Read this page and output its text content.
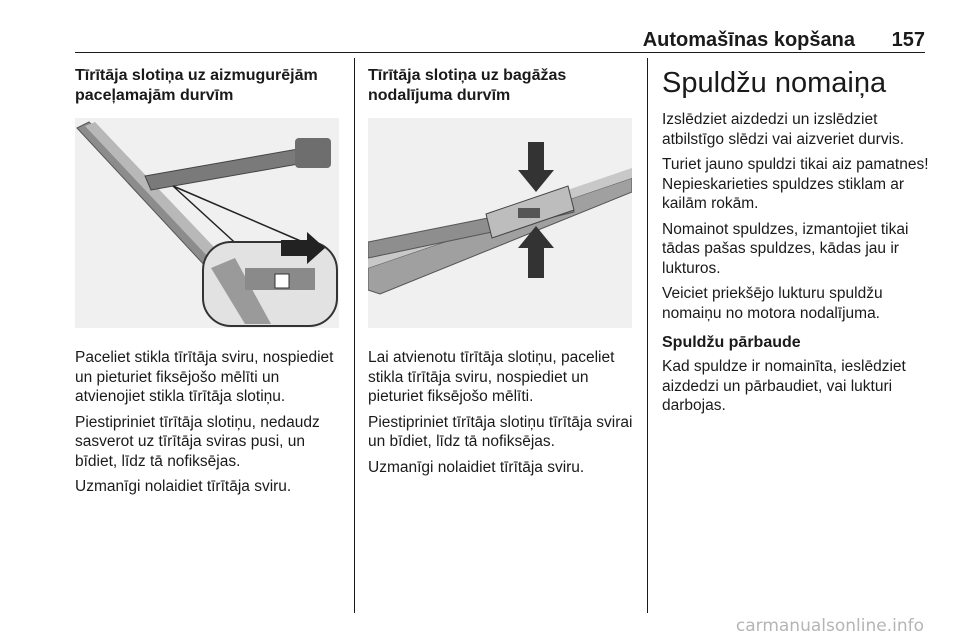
Automašīnas kopšana 157
Tīrītāja slotiņa uz aizmugurējām paceļamajām durvīm

Paceliet stikla tīrītāja sviru, nospiediet un pieturiet fiksējošo mēlīti un atvienojiet stikla tīrītāja slotiņu.

Piestipriniet tīrītāja slotiņu, nedaudz sasverot uz tīrītāja sviras pusi, un bīdiet, līdz tā nofiksējas.

Uzmanīgi nolaidiet tīrītāja sviru.

Tīrītāja slotiņa uz bagāžas nodalījuma durvīm

Lai atvienotu tīrītāja slotiņu, paceliet stikla tīrītāja sviru, nospiediet un pieturiet fiksējošo mēlīti.

Piestipriniet tīrītāja slotiņu tīrītāja svirai un bīdiet, līdz tā nofiksējas.

Uzmanīgi nolaidiet tīrītāja sviru.

Spuldžu nomaiņa

Izslēdziet aizdedzi un izslēdziet atbilstīgo slēdzi vai aizveriet durvis.

Turiet jauno spuldzi tikai aiz pamatnes! Nepieskarieties spuldzes stiklam ar kailām rokām.

Nomainot spuldzes, izmantojiet tikai tādas pašas spuldzes, kādas jau ir lukturos.

Veiciet priekšējo lukturu spuldžu nomaiņu no motora nodalījuma.

Spuldžu pārbaude

Kad spuldze ir nomainīta, ieslēdziet aizdedzi un pārbaudiet, vai lukturi darbojas.

carmanualsonline.info
